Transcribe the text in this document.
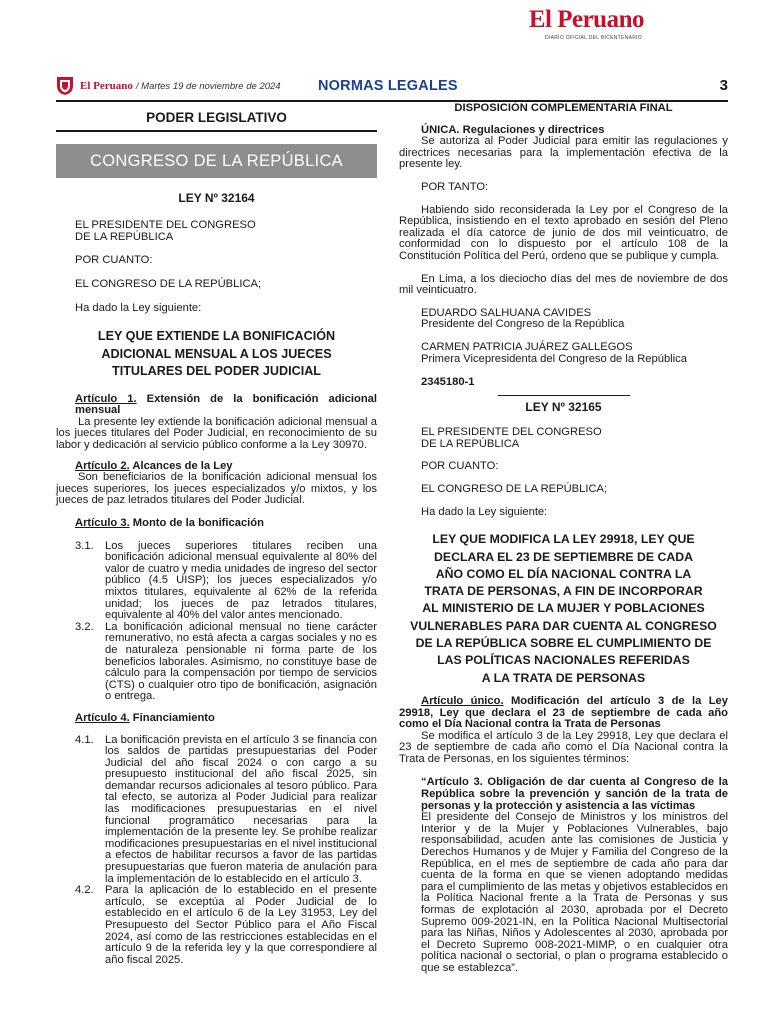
El Peruano
DIARIO OFICIAL DEL BICENTENARIO
El Peruano / Martes 19 de noviembre de 2024	NORMAS LEGALES	3
PODER LEGISLATIVO
CONGRESO DE LA REPÚBLICA
LEY Nº 32164
EL PRESIDENTE DEL CONGRESO
DE LA REPÚBLICA
POR CUANTO:
EL CONGRESO DE LA REPÚBLICA;
Ha dado la Ley siguiente:
LEY QUE EXTIENDE LA BONIFICACIÓN
ADICIONAL MENSUAL A LOS JUECES
TITULARES DEL PODER JUDICIAL
Artículo 1. Extensión de la bonificación adicional mensual
La presente ley extiende la bonificación adicional mensual a los jueces titulares del Poder Judicial, en reconocimiento de su labor y dedicación al servicio público conforme a la Ley 30970.
Artículo 2. Alcances de la Ley
Son beneficiarios de la bonificación adicional mensual los jueces superiores, los jueces especializados y/o mixtos, y los jueces de paz letrados titulares del Poder Judicial.
Artículo 3. Monto de la bonificación
3.1.	Los jueces superiores titulares reciben una bonificación adicional mensual equivalente al 80% del valor de cuatro y media unidades de ingreso del sector público (4.5 UISP); los jueces especializados y/o mixtos titulares, equivalente al 62% de la referida unidad; los jueces de paz letrados titulares, equivalente al 40% del valor antes mencionado.
3.2.	La bonificación adicional mensual no tiene carácter remunerativo, no está afecta a cargas sociales y no es de naturaleza pensionable ni forma parte de los beneficios laborales. Asimismo, no constituye base de cálculo para la compensación por tiempo de servicios (CTS) o cualquier otro tipo de bonificación, asignación o entrega.
Artículo 4. Financiamiento
4.1.	La bonificación prevista en el artículo 3 se financia con los saldos de partidas presupuestarias del Poder Judicial del año fiscal 2024 o con cargo a su presupuesto institucional del año fiscal 2025, sin demandar recursos adicionales al tesoro público. Para tal efecto, se autoriza al Poder Judicial para realizar las modificaciones presupuestarias en el nivel funcional programático necesarias para la implementación de la presente ley. Se prohíbe realizar modificaciones presupuestarias en el nivel institucional a efectos de habilitar recursos a favor de las partidas presupuestarias que fueron materia de anulación para la implementación de lo establecido en el artículo 3.
4.2.	Para la aplicación de lo establecido en el presente artículo, se exceptúa al Poder Judicial de lo establecido en el artículo 6 de la Ley 31953, Ley del Presupuesto del Sector Público para el Año Fiscal 2024, así como de las restricciones establecidas en el artículo 9 de la referida ley y la que correspondiere al año fiscal 2025.
DISPOSICIÓN COMPLEMENTARIA FINAL
ÚNICA. Regulaciones y directrices
Se autoriza al Poder Judicial para emitir las regulaciones y directrices necesarias para la implementación efectiva de la presente ley.
POR TANTO:
Habiendo sido reconsiderada la Ley por el Congreso de la República, insistiendo en el texto aprobado en sesión del Pleno realizada el día catorce de junio de dos mil veinticuatro, de conformidad con lo dispuesto por el artículo 108 de la Constitución Política del Perú, ordeno que se publique y cumpla.
En Lima, a los dieciocho días del mes de noviembre de dos mil veinticuatro.
EDUARDO SALHUANA CAVIDES
Presidente del Congreso de la República
CARMEN PATRICIA JUÁREZ GALLEGOS
Primera Vicepresidenta del Congreso de la República
2345180-1
LEY Nº 32165
EL PRESIDENTE DEL CONGRESO
DE LA REPÚBLICA
POR CUANTO:
EL CONGRESO DE LA REPÚBLICA;
Ha dado la Ley siguiente:
LEY QUE MODIFICA LA LEY 29918, LEY QUE
DECLARA EL 23 DE SEPTIEMBRE DE CADA
AÑO COMO EL DÍA NACIONAL CONTRA LA
TRATA DE PERSONAS, A FIN DE INCORPORAR
AL MINISTERIO DE LA MUJER Y POBLACIONES
VULNERABLES PARA DAR CUENTA AL CONGRESO
DE LA REPÚBLICA SOBRE EL CUMPLIMIENTO DE
LAS POLÍTICAS NACIONALES REFERIDAS
A LA TRATA DE PERSONAS
Artículo único. Modificación del artículo 3 de la Ley 29918, Ley que declara el 23 de septiembre de cada año como el Día Nacional contra la Trata de Personas
Se modifica el artículo 3 de la Ley 29918, Ley que declara el 23 de septiembre de cada año como el Día Nacional contra la Trata de Personas, en los siguientes términos:
“Artículo 3. Obligación de dar cuenta al Congreso de la República sobre la prevención y sanción de la trata de personas y la protección y asistencia a las víctimas
El presidente del Consejo de Ministros y los ministros del Interior y de la Mujer y Poblaciones Vulnerables, bajo responsabilidad, acuden ante las comisiones de Justicia y Derechos Humanos y de Mujer y Familia del Congreso de la República, en el mes de septiembre de cada año para dar cuenta de la forma en que se vienen adoptando medidas para el cumplimiento de las metas y objetivos establecidos en la Política Nacional frente a la Trata de Personas y sus formas de explotación al 2030, aprobada por el Decreto Supremo 009-2021-IN, en la Política Nacional Multisectorial para las Niñas, Niños y Adolescentes al 2030, aprobada por el Decreto Supremo 008-2021-MIMP, o en cualquier otra política nacional o sectorial, o plan o programa establecido o que se establezca”.
